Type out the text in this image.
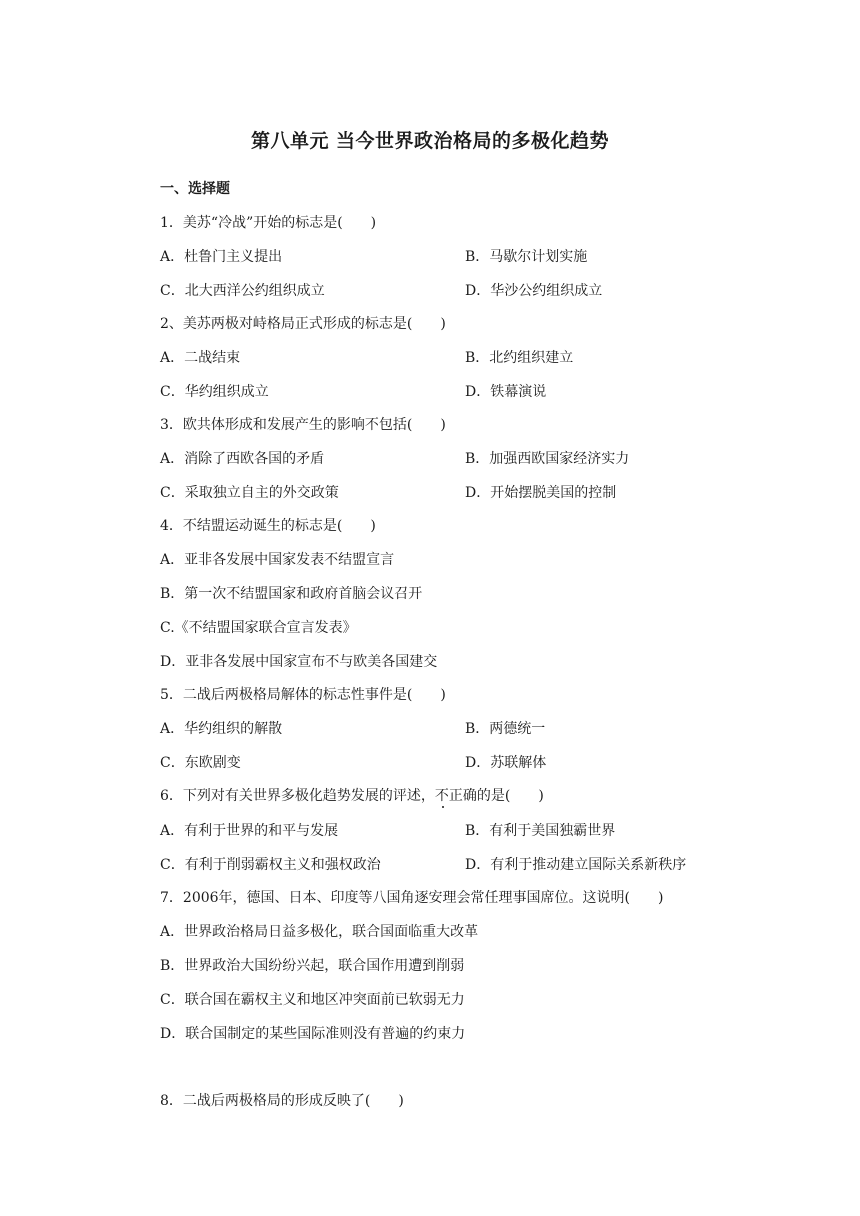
第八单元 当今世界政治格局的多极化趋势
一、选择题
1．美苏“冷战”开始的标志是(　　)
A．杜鲁门主义提出	B．马歇尔计划实施
C．北大西洋公约组织成立	D．华沙公约组织成立
2、美苏两极对峙格局正式形成的标志是(　　)
A．二战结束	B．北约组织建立
C．华约组织成立	D．铁幕演说
3．欧共体形成和发展产生的影响不包括(　　)
A．消除了西欧各国的矛盾	B．加强西欧国家经济实力
C．采取独立自主的外交政策	D．开始摆脱美国的控制
4．不结盟运动诞生的标志是(　　)
A．亚非各发展中国家发表不结盟宣言
B．第一次不结盟国家和政府首脑会议召开
C.《不结盟国家联合宣言发表》
D．亚非各发展中国家宣布不与欧美各国建交
5．二战后两极格局解体的标志性事件是(　　)
A．华约组织的解散	B．两德统一
C．东欧剧变	D．苏联解体
6．下列对有关世界多极化趋势发展的评述，不正确的是(　　)
A．有利于世界的和平与发展	B．有利于美国独霸世界
C．有利于削弱霸权主义和强权政治	D．有利于推动建立国际关系新秩序
7．2006年，德国、日本、印度等八国角逐安理会常任理事国席位。这说明(　　)
A．世界政治格局日益多极化，联合国面临重大改革
B．世界政治大国纷纷兴起，联合国作用遭到削弱
C．联合国在霸权主义和地区冲突面前已软弱无力
D．联合国制定的某些国际准则没有普遍的约束力
8．二战后两极格局的形成反映了(　　)
